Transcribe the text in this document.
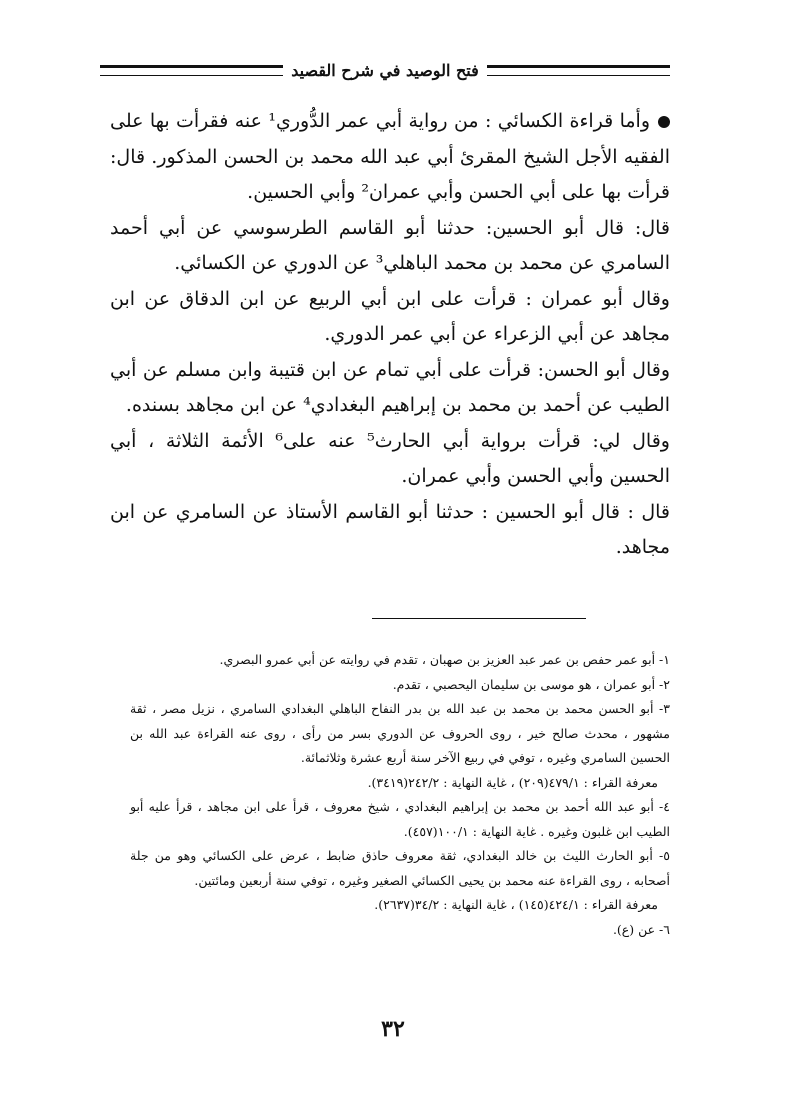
فتح الوصيد في شرح القصيد

وأما قراءة الكسائي : من رواية أبي عمر الدُّوري¹ عنه فقرأت بها على الفقيه الأجل الشيخ المقرئ أبي عبد الله محمد بن الحسن المذكور. قال: قرأت بها على أبي الحسن وأبي عمران² وأبي الحسين.

قال: قال أبو الحسين: حدثنا أبو القاسم الطرسوسي عن أبي أحمد السامري عن محمد بن محمد الباهلي³ عن الدوري عن الكسائي.

وقال أبو عمران : قرأت على ابن أبي الربيع عن ابن الدقاق عن ابن مجاهد عن أبي الزعراء عن أبي عمر الدوري.

وقال أبو الحسن: قرأت على أبي تمام عن ابن قتيبة وابن مسلم عن أبي الطيب عن أحمد بن محمد بن إبراهيم البغدادي⁴ عن ابن مجاهد بسنده.

وقال لي: قرأت برواية أبي الحارث⁵ عنه على⁶ الأئمة الثلاثة ، أبي الحسين وأبي الحسن وأبي عمران.

قال : قال أبو الحسين : حدثنا أبو القاسم الأستاذ عن السامري عن ابن مجاهد.

١- أبو عمر حفص بن عمر عبد العزيز بن صهبان ، تقدم في روايته عن أبي عمرو البصري.

٢- أبو عمران ، هو موسى بن سليمان اليحصبي ، تقدم.

٣- أبو الحسن محمد بن محمد بن عبد الله بن بدر النفاح الباهلي البغدادي السامري ، نزيل مصر ، ثقة مشهور ، محدث صالح خير ، روى الحروف عن الدوري بسر من رأى ، روى عنه القراءة عبد الله بن الحسين السامري وغيره ، توفي في ربيع الآخر سنة أربع عشرة وثلاثمائة.

معرفة القراء : ٤٧٩/١(٢٠٩) ، غاية النهاية : ٢٤٢/٢(٣٤١٩).

٤- أبو عبد الله أحمد بن محمد بن إبراهيم البغدادي ، شيخ معروف ، قرأ على ابن مجاهد ، قرأ عليه أبو الطيب ابن غلبون وغيره . غاية النهاية : ١٠٠/١(٤٥٧).

٥- أبو الحارث الليث بن خالد البغدادي، ثقة معروف حاذق ضابط ، عرض على الكسائي وهو من جلة أصحابه ، روى القراءة عنه محمد بن يحيى الكسائي الصغير وغيره ، توفي سنة أربعين ومائتين.

معرفة القراء : ٤٢٤/١(١٤٥) ، غاية النهاية : ٣٤/٢(٢٦٣٧).

٦- عن (ع).

٣٢
